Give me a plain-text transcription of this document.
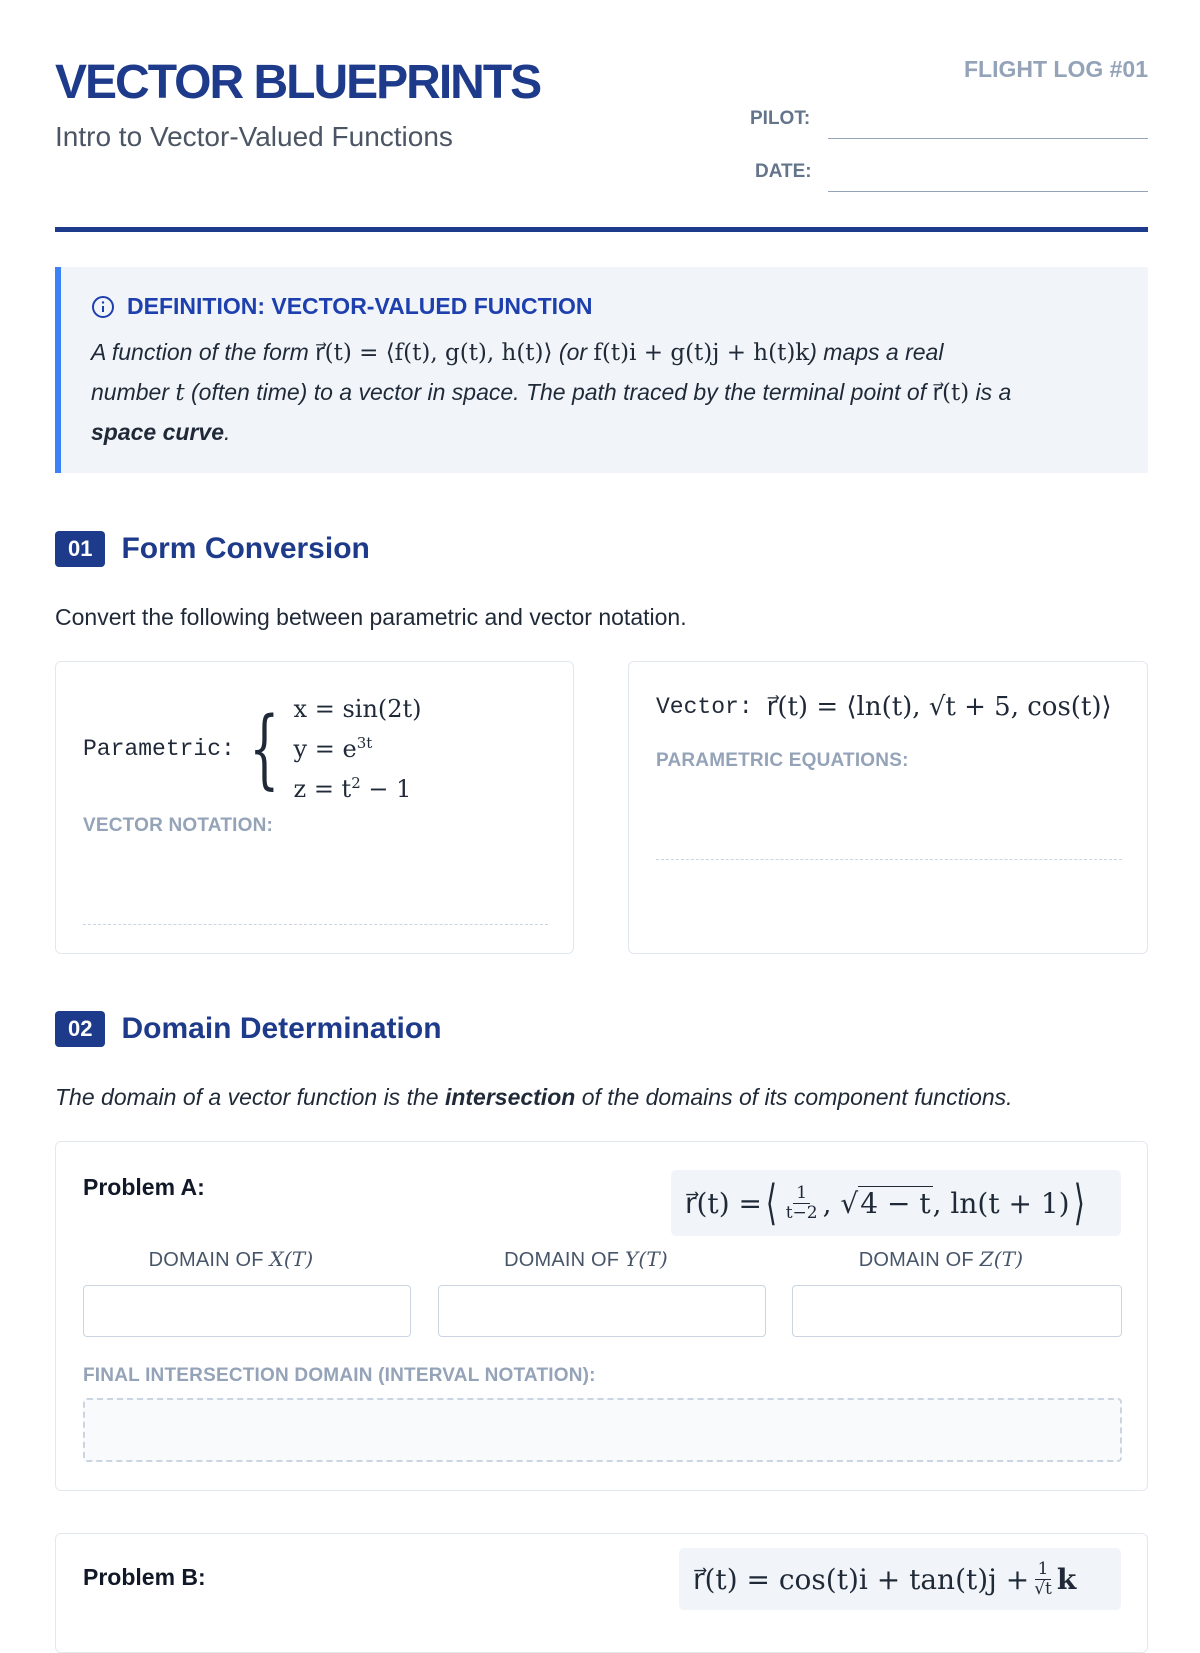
VECTOR BLUEPRINTS
Intro to Vector-Valued Functions
FLIGHT LOG #01
PILOT:
DATE:
DEFINITION: VECTOR-VALUED FUNCTION
A function of the form r⃗(t) = ⟨f(t), g(t), h(t)⟩ (or f(t)i + g(t)j + h(t)k) maps a real
number t (often time) to a vector in space. The path traced by the terminal point of r⃗(t) is a
space curve.
01 Form Conversion
Convert the following between parametric and vector notation.
Parametric: { x = sin(2t)
$y = e^{3t}$
$z = t^2 - 1$
VECTOR NOTATION:
Vector: r⃗(t) = ⟨ln(t), √t + 5, cos(t)⟩
PARAMETRIC EQUATIONS:
02 Domain Determination
The domain of a vector function is the intersection of the domains of its component functions.
Problem A:	r⃗(t) = ⟨ $\frac{1}{t-2}$ , √ 4 − t , ln(t + 1) ⟩
DOMAIN OF X(T)	DOMAIN OF Y(T)	DOMAIN OF Z(T)
FINAL INTERSECTION DOMAIN (INTERVAL NOTATION):
Problem B:	r⃗(t) = $\cos(t)i + \tan(t)j + \frac{1}{√t}$ k
